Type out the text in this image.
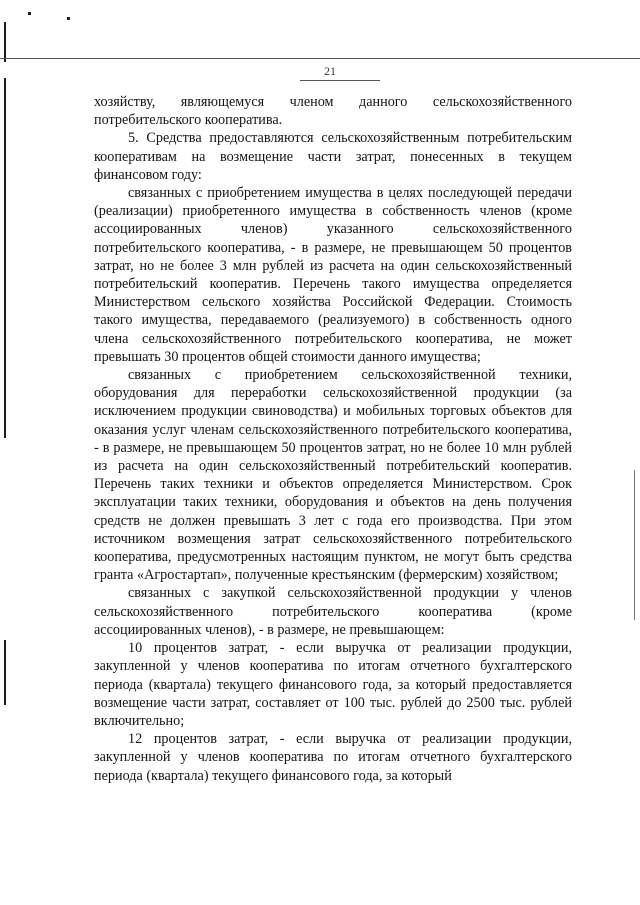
21

хозяйству, являющемуся членом данного сельскохозяйственного потребительского кооператива.

5. Средства предоставляются сельскохозяйственным потребительским кооперативам на возмещение части затрат, понесенных в текущем финансовом году:

связанных с приобретением имущества в целях последующей передачи (реализации) приобретенного имущества в собственность членов (кроме ассоциированных членов) указанного сельскохозяйственного потребительского кооператива, - в размере, не превышающем 50 процентов затрат, но не более 3 млн рублей из расчета на один сельскохозяйственный потребительский кооператив. Перечень такого имущества определяется Министерством сельского хозяйства Российской Федерации. Стоимость такого имущества, передаваемого (реализуемого) в собственность одного члена сельскохозяйственного потребительского кооператива, не может превышать 30 процентов общей стоимости данного имущества;

связанных с приобретением сельскохозяйственной техники, оборудования для переработки сельскохозяйственной продукции (за исключением продукции свиноводства) и мобильных торговых объектов для оказания услуг членам сельскохозяйственного потребительского кооператива, - в размере, не превышающем 50 процентов затрат, но не более 10 млн рублей из расчета на один сельскохозяйственный потребительский кооператив. Перечень таких техники и объектов определяется Министерством. Срок эксплуатации таких техники, оборудования и объектов на день получения средств не должен превышать 3 лет с года его производства. При этом источником возмещения затрат сельскохозяйственного потребительского кооператива, предусмотренных настоящим пунктом, не могут быть средства гранта «Агростартап», полученные крестьянским (фермерским) хозяйством;

связанных с закупкой сельскохозяйственной продукции у членов сельскохозяйственного потребительского кооператива (кроме ассоциированных членов), - в размере, не превышающем:

10 процентов затрат, - если выручка от реализации продукции, закупленной у членов кооператива по итогам отчетного бухгалтерского периода (квартала) текущего финансового года, за который предоставляется возмещение части затрат, составляет от 100 тыс. рублей до 2500 тыс. рублей включительно;

12 процентов затрат, - если выручка от реализации продукции, закупленной у членов кооператива по итогам отчетного бухгалтерского периода (квартала) текущего финансового года, за который
